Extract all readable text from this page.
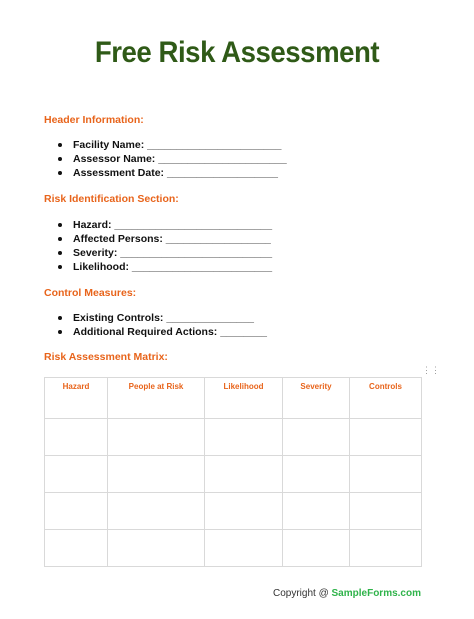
Free Risk Assessment
Header Information:
Facility Name: _______________________
Assessor Name: ______________________
Assessment Date: ___________________
Risk Identification Section:
Hazard: ___________________________
Affected Persons: __________________
Severity: __________________________
Likelihood: ________________________
Control Measures:
Existing Controls: _______________
Additional Required Actions: ________
Risk Assessment Matrix:
⋮⋮
Hazard	People at Risk	Likelihood	Severity	Controls

Copyright @ SampleForms.com
